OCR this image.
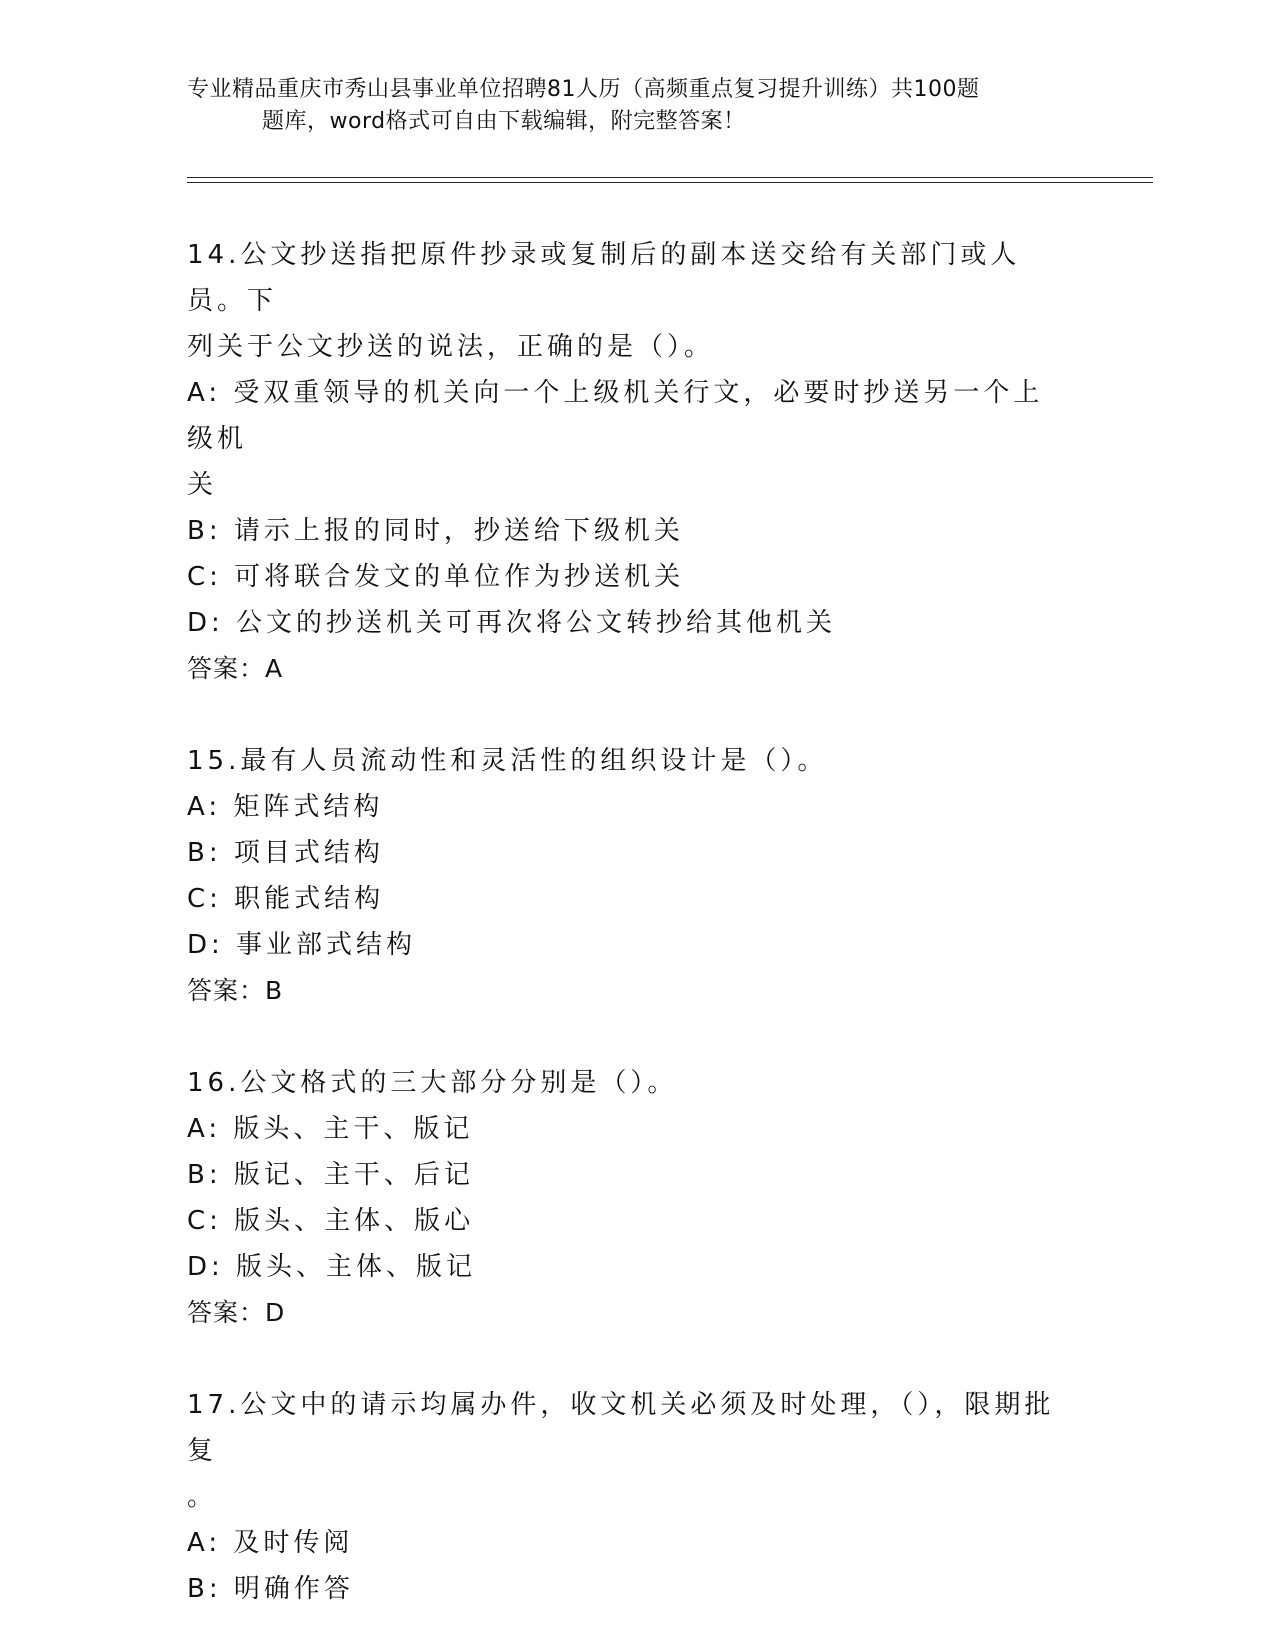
专业精品重庆市秀山县事业单位招聘81人历（高频重点复习提升训练）共100题
题库，word格式可自由下载编辑，附完整答案！

14.公文抄送指把原件抄录或复制后的副本送交给有关部门或人员。下

列关于公文抄送的说法，正确的是（）。

A: 受双重领导的机关向一个上级机关行文，必要时抄送另一个上级机

关

B: 请示上报的同时，抄送给下级机关

C: 可将联合发文的单位作为抄送机关

D: 公文的抄送机关可再次将公文转抄给其他机关

答案：A

15.最有人员流动性和灵活性的组织设计是（）。

A: 矩阵式结构

B: 项目式结构

C: 职能式结构

D: 事业部式结构

答案：B

16.公文格式的三大部分分别是（）。

A: 版头、主干、版记

B: 版记、主干、后记

C: 版头、主体、版心

D: 版头、主体、版记

答案：D

17.公文中的请示均属办件，收文机关必须及时处理，（），限期批复

。

A: 及时传阅

B: 明确作答
